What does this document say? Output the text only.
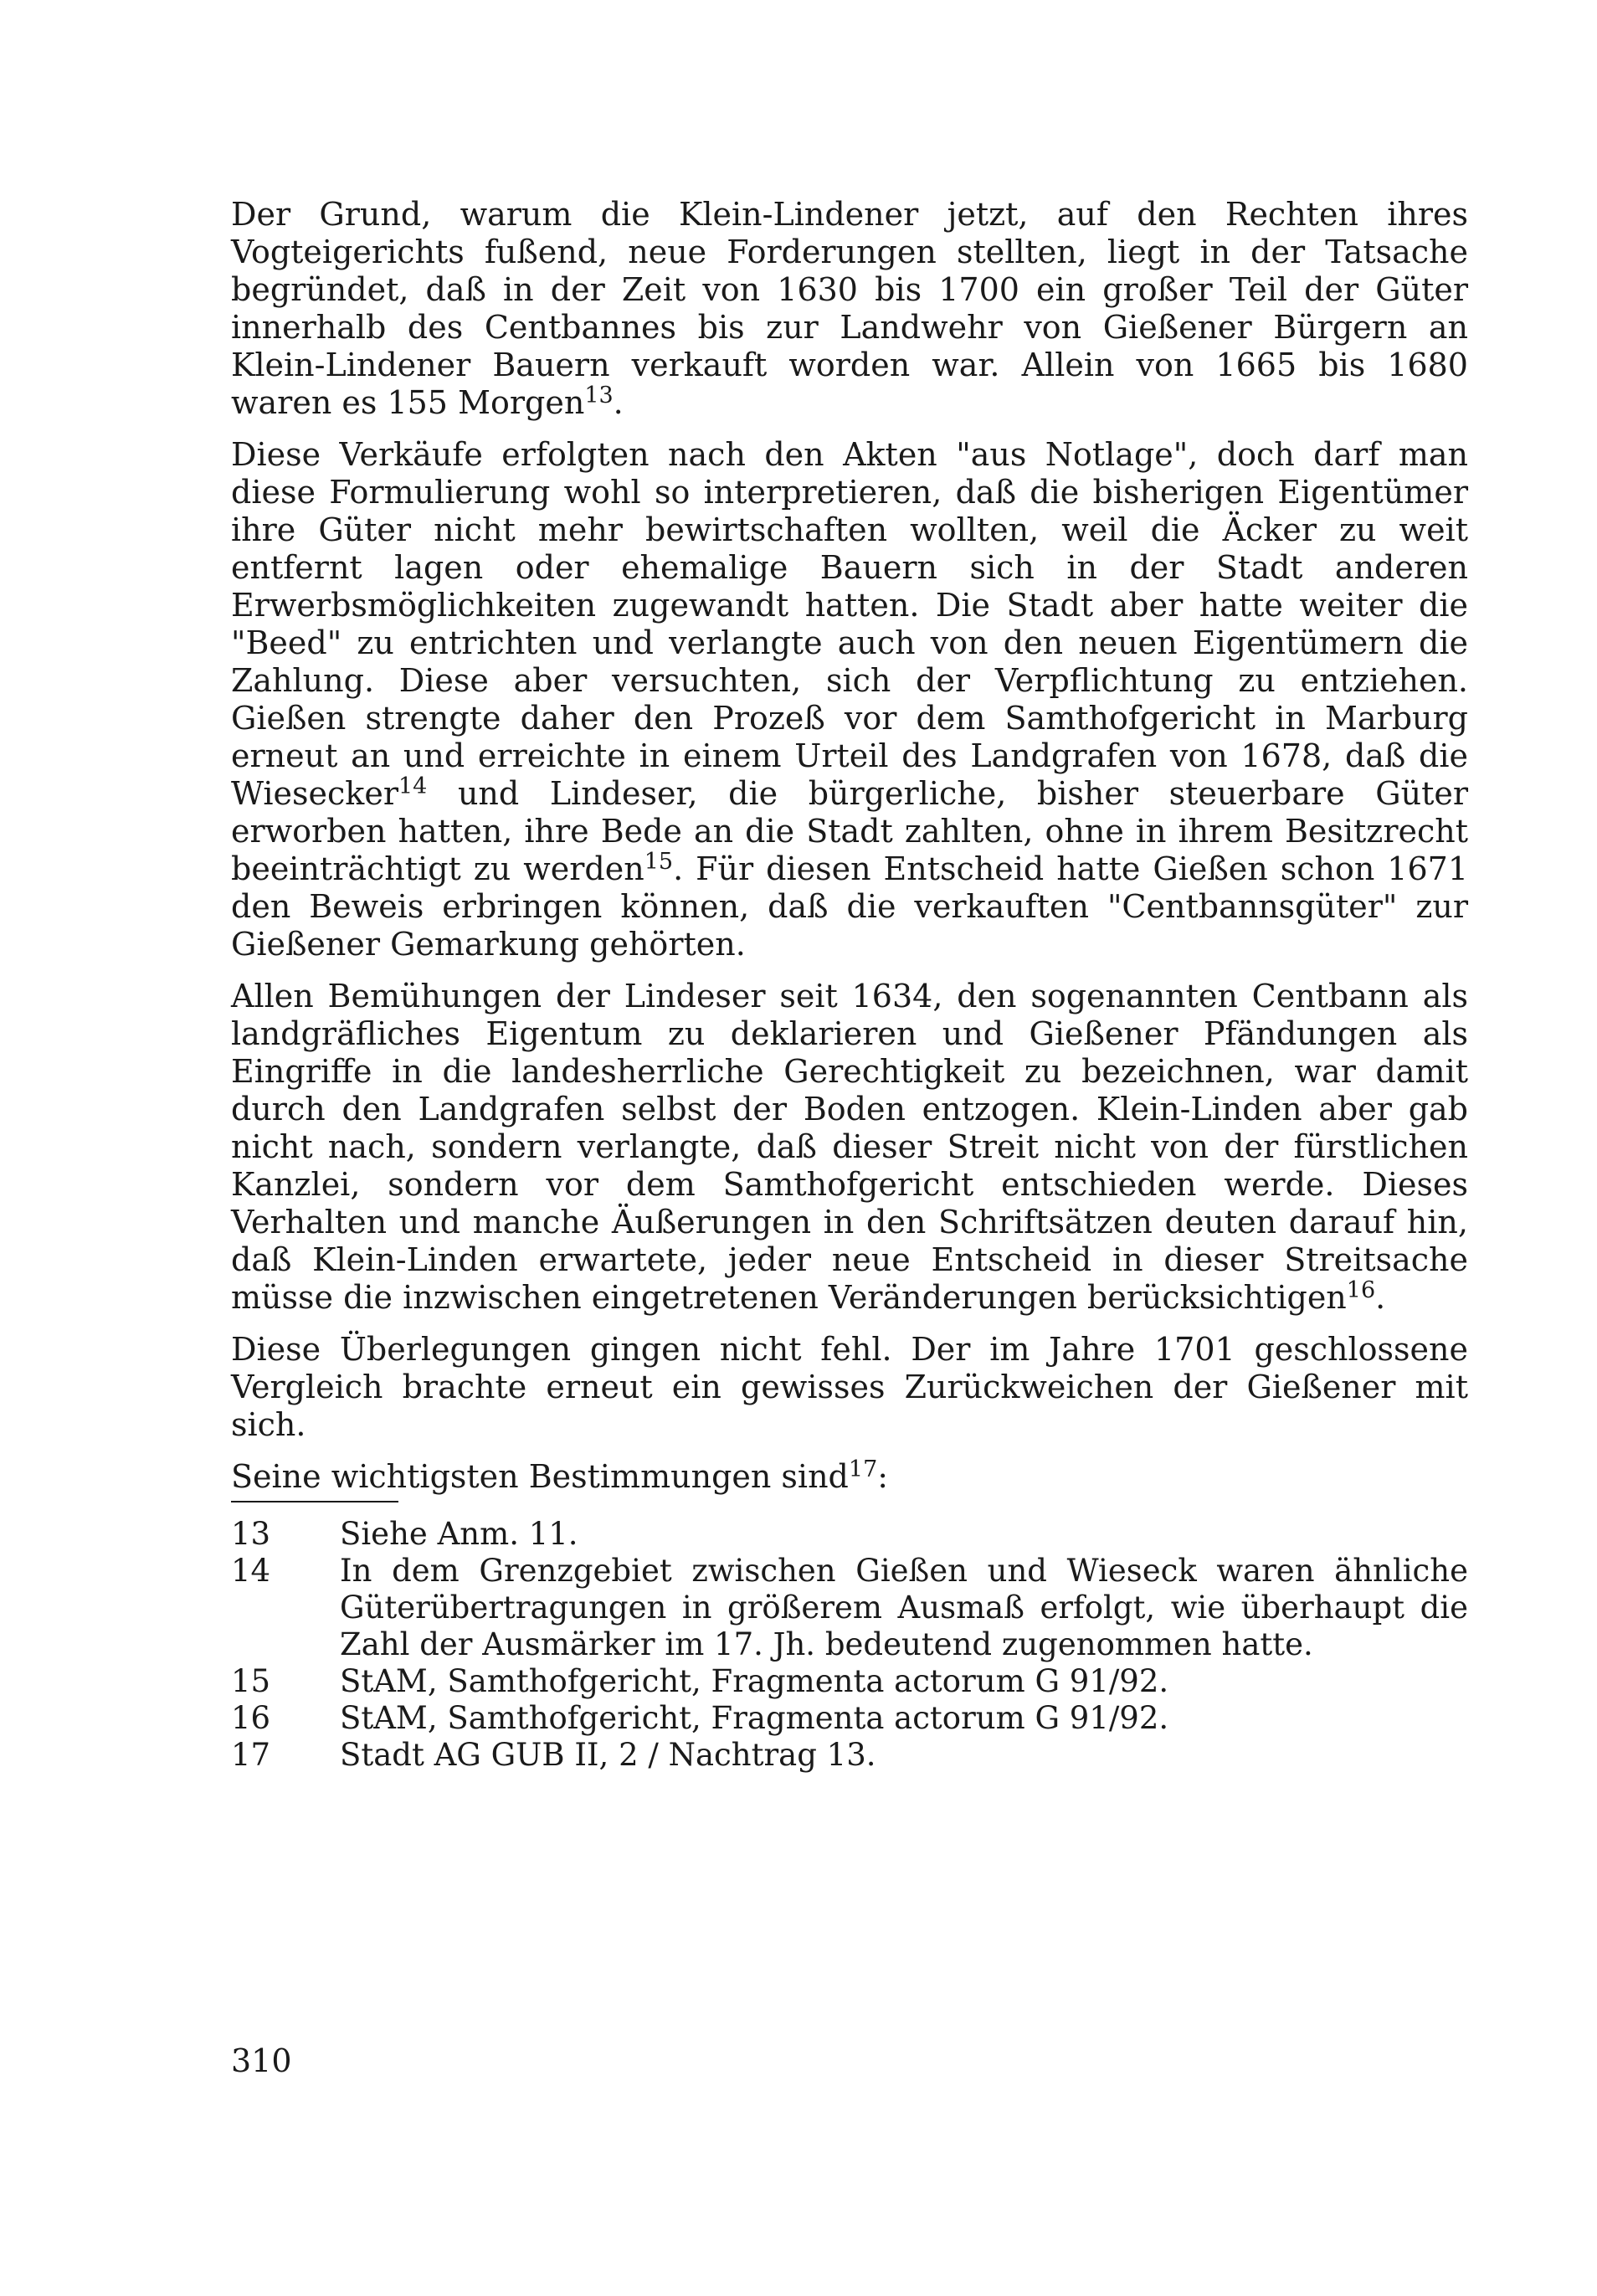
Der Grund, warum die Klein-Lindener jetzt, auf den Rechten ihres Vogteigerichts fußend, neue Forderungen stellten, liegt in der Tatsache begründet, daß in der Zeit von 1630 bis 1700 ein großer Teil der Güter innerhalb des Centbannes bis zur Landwehr von Gießener Bürgern an Klein-Lindener Bauern verkauft worden war. Allein von 1665 bis 1680 waren es 155 Morgen$^{13}$.

Diese Verkäufe erfolgten nach den Akten "aus Notlage", doch darf man diese Formulierung wohl so interpretieren, daß die bisherigen Eigentümer ihre Güter nicht mehr bewirtschaften wollten, weil die Äcker zu weit entfernt lagen oder ehemalige Bauern sich in der Stadt anderen Erwerbsmöglichkeiten zugewandt hatten. Die Stadt aber hatte weiter die "Beed" zu entrichten und verlangte auch von den neuen Eigentümern die Zahlung. Diese aber versuchten, sich der Verpflichtung zu entziehen. Gießen strengte daher den Prozeß vor dem Samthofgericht in Marburg erneut an und erreichte in einem Urteil des Landgrafen von 1678, daß die Wiesecker$^{14}$ und Lindeser, die bürgerliche, bisher steuerbare Güter erworben hatten, ihre Bede an die Stadt zahlten, ohne in ihrem Besitzrecht beeinträchtigt zu werden$^{15}$. Für diesen Entscheid hatte Gießen schon 1671 den Beweis erbringen können, daß die verkauften "Centbannsgüter" zur Gießener Gemarkung gehörten.

Allen Bemühungen der Lindeser seit 1634, den sogenannten Centbann als landgräfliches Eigentum zu deklarieren und Gießener Pfändungen als Eingriffe in die landesherrliche Gerechtigkeit zu bezeichnen, war damit durch den Landgrafen selbst der Boden entzogen. Klein-Linden aber gab nicht nach, sondern verlangte, daß dieser Streit nicht von der fürstlichen Kanzlei, sondern vor dem Samthofgericht entschieden werde. Dieses Verhalten und manche Äußerungen in den Schriftsätzen deuten darauf hin, daß Klein-Linden erwartete, jeder neue Entscheid in dieser Streitsache müsse die inzwischen eingetretenen Veränderungen berücksichtigen$^{16}$.

Diese Überlegungen gingen nicht fehl. Der im Jahre 1701 geschlossene Vergleich brachte erneut ein gewisses Zurückweichen der Gießener mit sich.

Seine wichtigsten Bestimmungen sind$^{17}$:

13	Siehe Anm. 11.
14	In dem Grenzgebiet zwischen Gießen und Wieseck waren ähnliche Güterübertragungen in größerem Ausmaß erfolgt, wie überhaupt die Zahl der Ausmärker im 17. Jh. bedeutend zugenommen hatte.
15	StAM, Samthofgericht, Fragmenta actorum G 91/92.
16	StAM, Samthofgericht, Fragmenta actorum G 91/92.
17	Stadt AG GUB II, 2 / Nachtrag 13.
310
